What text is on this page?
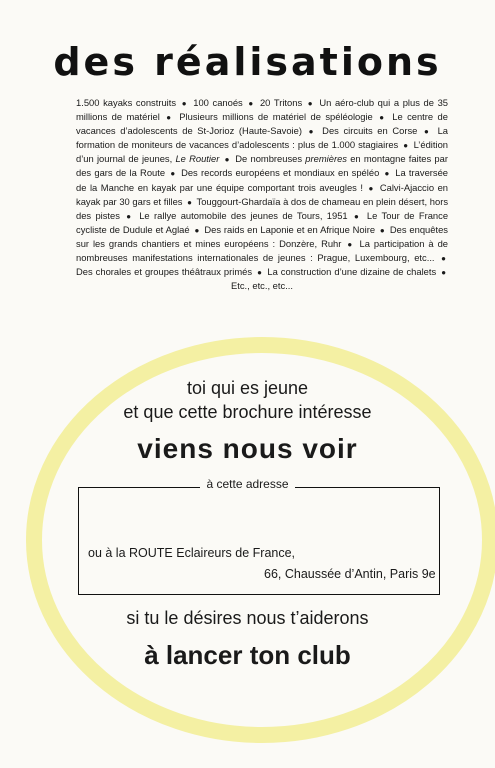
des réalisations
1.500 kayaks construits ● 100 canoés ● 20 Tritons ● Un aéro-club qui a plus de 35 millions de matériel ● Plusieurs millions de matériel de spéléologie ● Le centre de vacances d’adolescents de St-Jorioz (Haute-Savoie) ● Des circuits en Corse ● La formation de moniteurs de vacances d’adolescents : plus de 1.000 stagiaires ● L’édition d’un journal de jeunes, Le Routier ● De nombreuses premières en montagne faites par des gars de la Route ● Des records européens et mondiaux en spéléo ● La traversée de la Manche en kayak par une équipe comportant trois aveugles ! ● Calvi-Ajaccio en kayak par 30 gars et filles ● Touggourt-Ghardaïa à dos de chameau en plein désert, hors des pistes ● Le rallye automobile des jeunes de Tours, 1951 ● Le Tour de France cycliste de Dudule et Aglaé ● Des raids en Laponie et en Afrique Noire ● Des enquêtes sur les grands chantiers et mines européens : Donzère, Ruhr ● La participation à de nombreuses manifestations internationales de jeunes : Prague, Luxembourg, etc... ● Des chorales et groupes théâtraux primés ● La construction d’une dizaine de chalets ● Etc., etc., etc...
toi qui es jeune
et que cette brochure intéresse
viens nous voir
à cette adresse
ou à la ROUTE Eclaireurs de France,
66, Chaussée d’Antin, Paris 9e
si tu le désires nous t’aiderons
à lancer ton club
